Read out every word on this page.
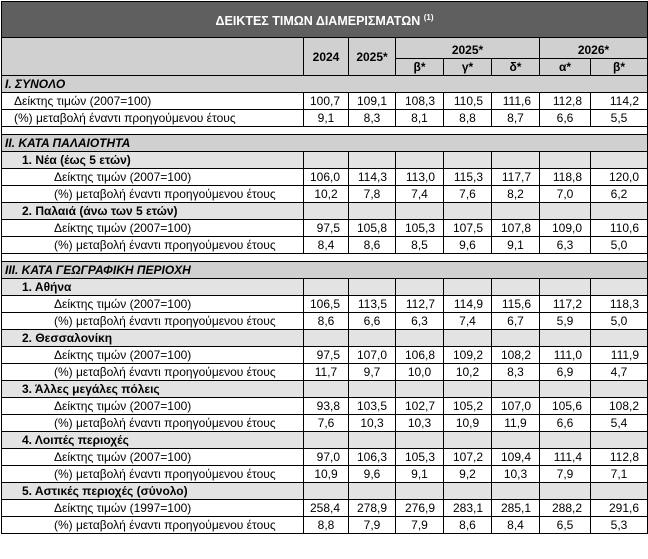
ΔΕΙΚΤΕΣ ΤΙΜΩΝ ΔΙΑΜΕΡΙΣΜΑΤΩΝ $^{(1)}$
	2024	2025*	2025*			2026*	
			β*	γ*	δ*	α*	β*
I. ΣΥΝΟΛΟ							
Δείκτης τιμών (2007=100)	100,7	109,1	108,3	110,5	111,6	112,8	114,2
(%) μεταβολή έναντι προηγούμενου έτους	9,1	8,3	8,1	8,8	8,7	6,6	5,5

II. ΚΑΤΑ ΠΑΛΑΙΟΤΗΤΑ							
1. Νέα (έως 5 ετών)							
Δείκτης τιμών (2007=100)	106,0	114,3	113,0	115,3	117,7	118,8	120,0
(%) μεταβολή έναντι προηγούμενου έτους	10,2	7,8	7,4	7,6	8,2	7,0	6,2
2. Παλαιά (άνω των 5 ετών)							
Δείκτης τιμών (2007=100)	97,5	105,8	105,3	107,5	107,8	109,0	110,6
(%) μεταβολή έναντι προηγούμενου έτους	8,4	8,6	8,5	9,6	9,1	6,3	5,0

III. ΚΑΤΑ ΓΕΩΓΡΑΦΙΚΗ ΠΕΡΙΟΧΗ							
1. Αθήνα							
Δείκτης τιμών (2007=100)	106,5	113,5	112,7	114,9	115,6	117,2	118,3
(%) μεταβολή έναντι προηγούμενου έτους	8,6	6,6	6,3	7,4	6,7	5,9	5,0
2. Θεσσαλονίκη							
Δείκτης τιμών (2007=100)	97,5	107,0	106,8	109,2	108,2	111,0	111,9
(%) μεταβολή έναντι προηγούμενου έτους	11,7	9,7	10,0	10,2	8,3	6,9	4,7
3. Άλλες μεγάλες πόλεις							
Δείκτης τιμών (2007=100)	93,8	103,5	102,7	105,2	107,0	105,6	108,2
(%) μεταβολή έναντι προηγούμενου έτους	7,6	10,3	10,3	10,9	11,9	6,6	5,4
4. Λοιπές περιοχές							
Δείκτης τιμών (2007=100)	97,0	106,3	105,3	107,2	109,4	111,4	112,8
(%) μεταβολή έναντι προηγούμενου έτους	10,9	9,6	9,1	9,2	10,3	7,9	7,1
5. Αστικές περιοχές (σύνολο)							
Δείκτης τιμών (1997=100)	258,4	278,9	276,9	283,1	285,1	288,2	291,6
(%) μεταβολή έναντι προηγούμενου έτους	8,8	7,9	7,9	8,6	8,4	6,5	5,3
